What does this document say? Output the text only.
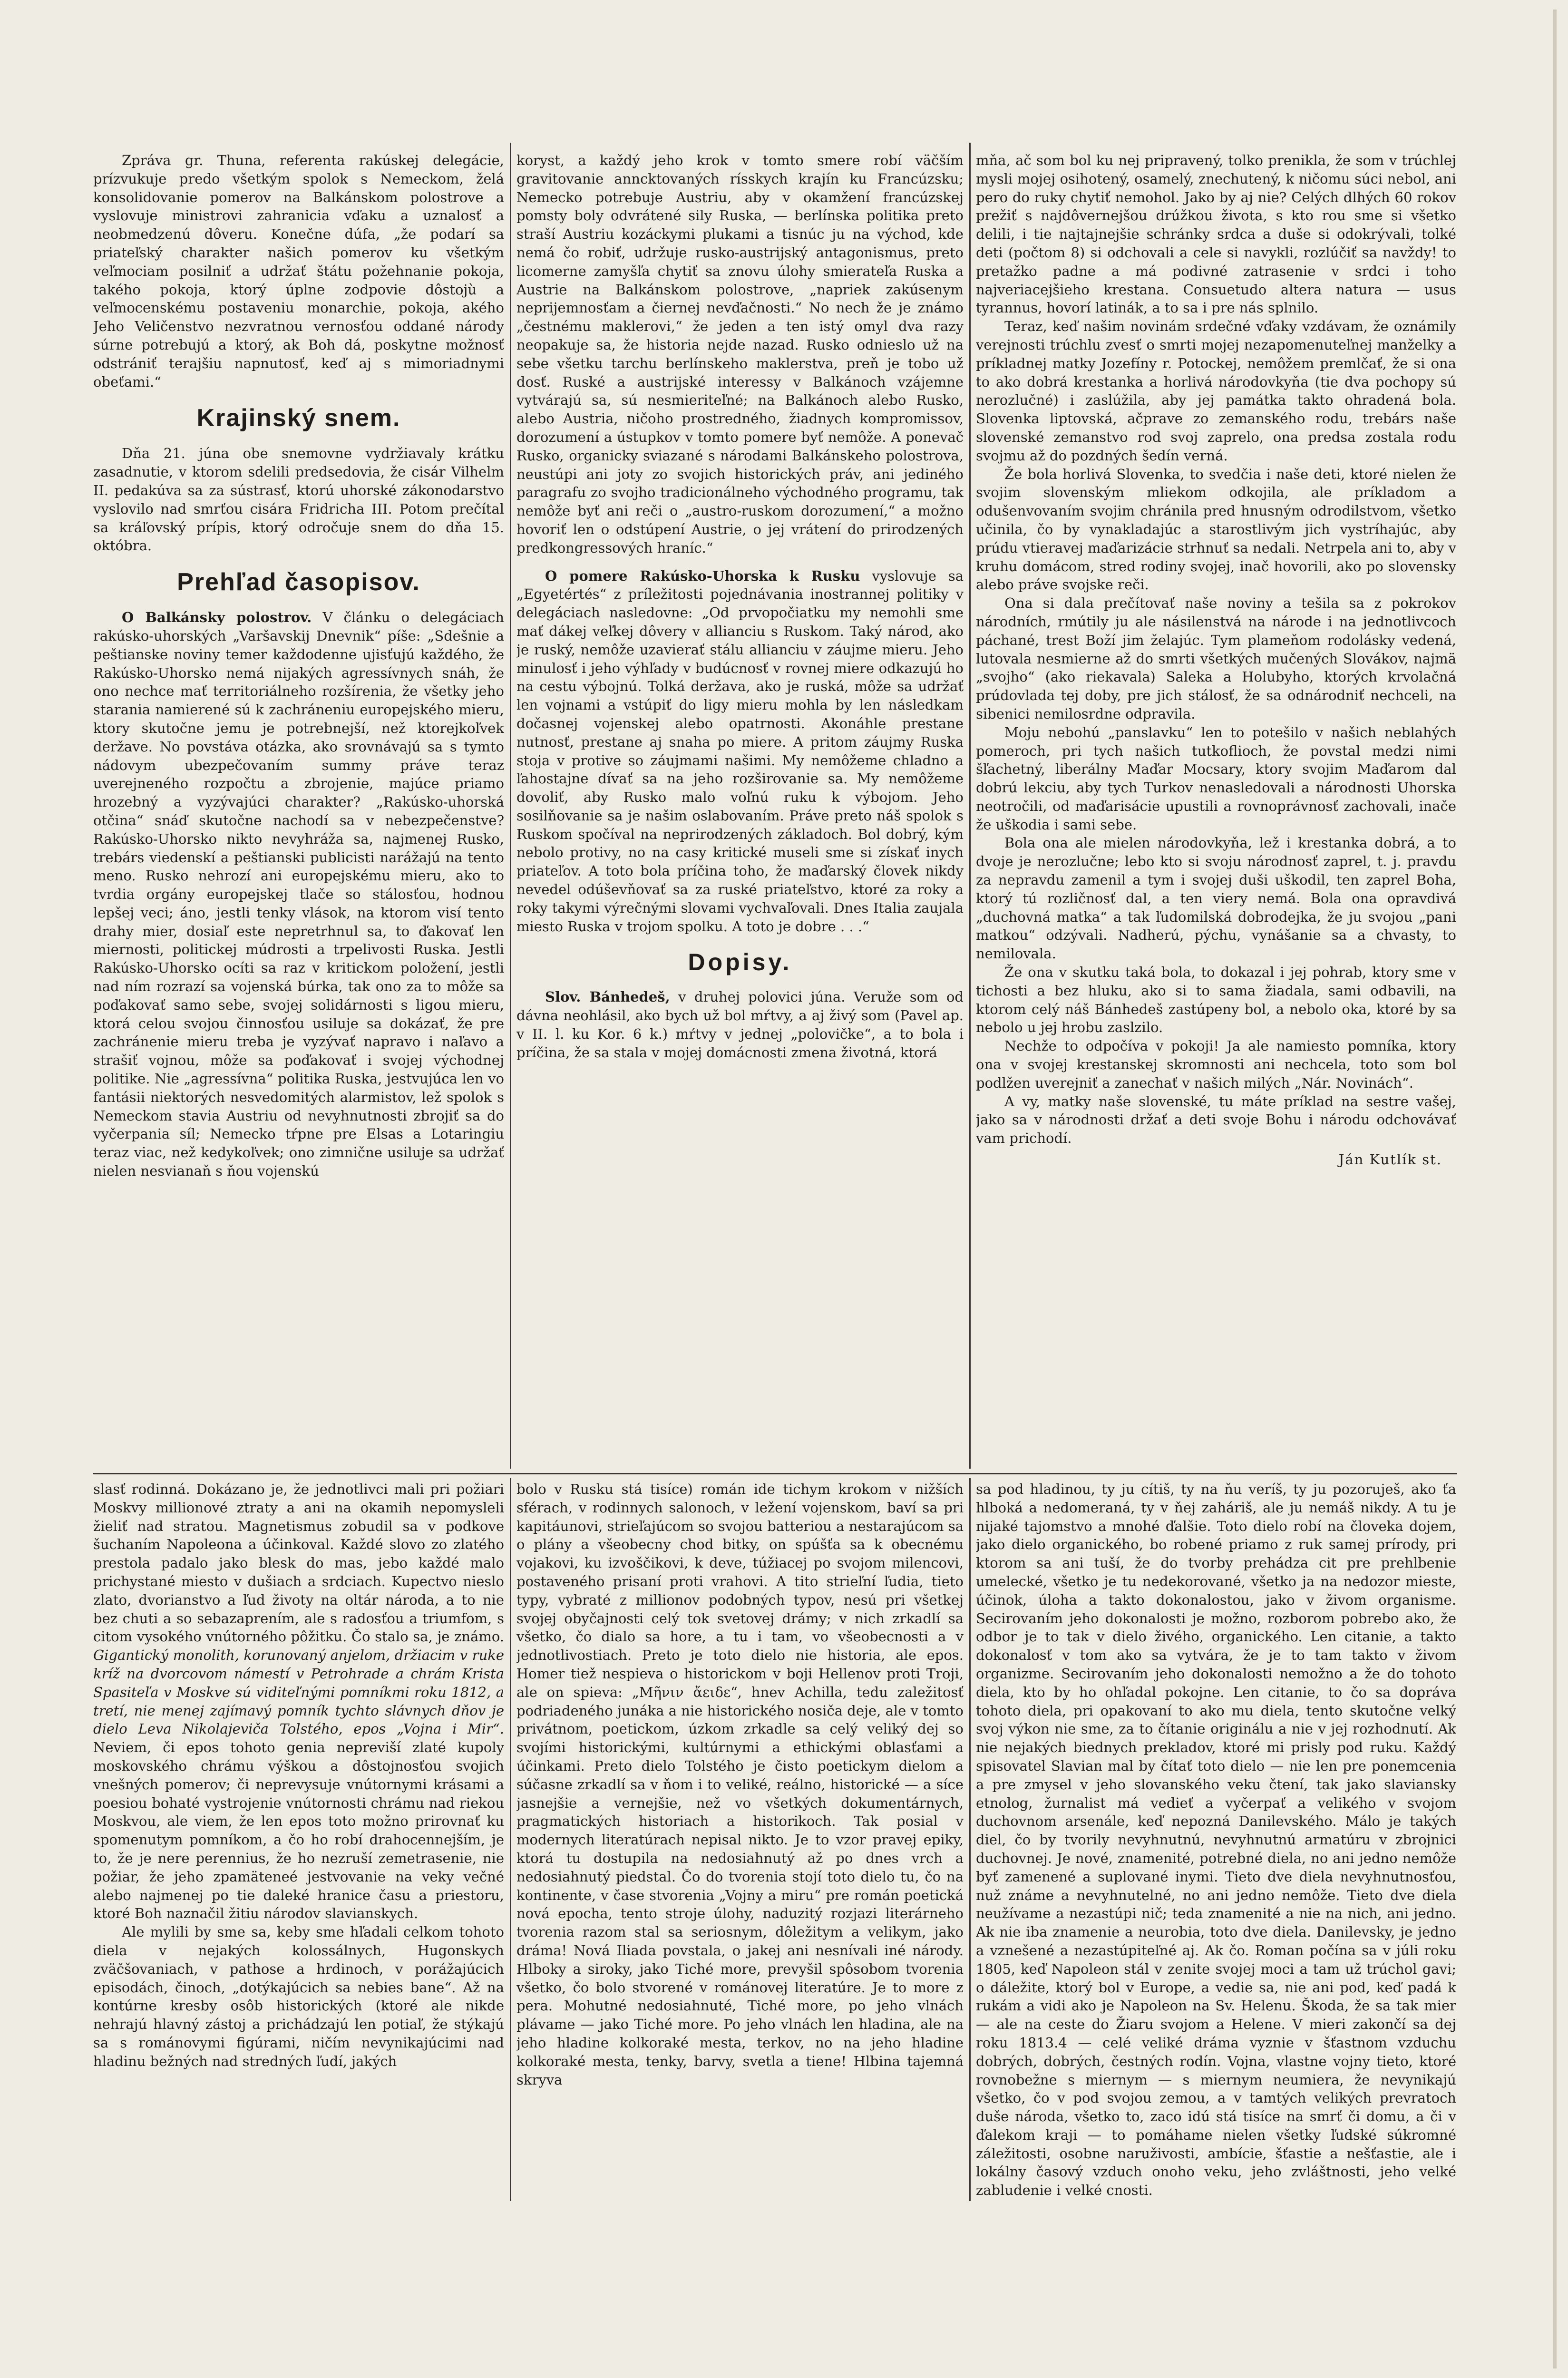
Zpráva gr. Thuna, referenta rakúskej delegácie, prízvukuje predo všetkým spolok s Nemeckom, želá konsolidovanie pomerov na Balkánskom polostrove a vyslovuje ministrovi zahranicia vďaku a uznalosť a neobmedzenú dôveru. Konečne dúfa, „že podarí sa priateľský charakter našich pomerov ku všetkým veľmociam posilniť a udržať štátu požehnanie pokoja, takého pokoja, ktorý úplne zodpovie dôstojù a veľmocenskému postaveniu monarchie, pokoja, akého Jeho Veličenstvo nezvratnou vernosťou oddané národy súrne potrebujú a ktorý, ak Boh dá, poskytne možnosť odstrániť terajšiu napnutosť, keď aj s mimoriadnymi obeťami.“

Krajinský snem.

Dňa 21. júna obe snemovne vydržiavaly krátku zasadnutie, v ktorom sdelili predsedovia, že cisár Vilhelm II. pedakúva sa za sústrasť, ktorú uhorské zákonodarstvo vyslovilo nad smrťou cisára Fridricha III. Potom prečítal sa kráľovský prípis, ktorý odročuje snem do dňa 15. októbra.

Prehľad časopisov.

O Balkánsky polostrov. V článku o delegáciach rakúsko-uhorských „Varšavskij Dnevnik“ píše: „Sdešnie a peštianske noviny temer každodenne ujisťujú každého, že Rakúsko-Uhorsko nemá nijakých agressívnych snáh, že ono nechce mať territoriálneho rozšírenia, že všetky jeho starania namierené sú k zachráneniu europejského mieru, ktory skutočne jemu je potrebnejší, než ktorejkoľvek deržave. No povstáva otázka, ako srovnávajú sa s tymto nádovym ubezpečovaním summy práve teraz uverejneného rozpočtu a zbrojenie, majúce priamo hrozebný a vyzývajúci charakter? „Rakúsko-uhorská otčina“ snáď skutočne nachodí sa v nebezpečenstve? Rakúsko-Uhorsko nikto nevyhráža sa, najmenej Rusko, trebárs viedenskí a peštianski publicisti narážajú na tento meno. Rusko nehrozí ani europejskému mieru, ako to tvrdia orgány europejskej tlače so stálosťou, hodnou lepšej veci; áno, jestli tenky vlások, na ktorom visí tento drahy mier, dosiaľ este nepretrhnul sa, to ďakovať len miernosti, politickej múdrosti a trpelivosti Ruska. Jestli Rakúsko-Uhorsko ocíti sa raz v kritickom položení, jestli nad ním rozrazí sa vojenská búrka, tak ono za to môže sa poďakovať samo sebe, svojej solidárnosti s ligou mieru, ktorá celou svojou činnosťou usiluje sa dokázať, že pre zachránenie mieru treba je vyzývať napravo i naľavo a strašiť vojnou, môže sa poďakovať i svojej východnej politike. Nie „agressívna“ politika Ruska, jestvujúca len vo fantásii niektorých nesvedomitých alarmistov, lež spolok s Nemeckom stavia Austriu od nevyhnutnosti zbrojiť sa do vyčerpania síl; Nemecko tŕpne pre Elsas a Lotaringiu teraz viac, než kedykoľvek; ono zimnične usiluje sa udržať nielen nesvianaň s ňou vojenskú

koryst, a každý jeho krok v tomto smere robí väčším gravitovanie anncktovaných rísskych krajín ku Francúzsku; Nemecko potrebuje Austriu, aby v okamžení francúzskej pomsty boly odvrátené sily Ruska, — berlínska politika preto straší Austriu kozáckymi plukami a tisnúc ju na východ, kde nemá čo robiť, udržuje rusko-austrijský antagonismus, preto licomerne zamyšľa chytiť sa znovu úlohy smierateľa Ruska a Austrie na Balkánskom polostrove, „napriek zakúsenym neprijemnosťam a čiernej nevďačnosti.“ No nech že je známo „čestnému maklerovi,“ že jeden a ten istý omyl dva razy neopakuje sa, že historia nejde nazad. Rusko odnieslo už na sebe všetku tarchu berlínskeho maklerstva, preň je tobo už dosť. Ruské a austrijské interessy v Balkánoch vzájemne vytvárajú sa, sú nesmieriteľné; na Balkánoch alebo Rusko, alebo Austria, ničoho prostredného, žiadnych kompromissov, dorozumení a ústupkov v tomto pomere byť nemôže. A ponevač Rusko, organicky sviazané s národami Balkánskeho polostrova, neustúpi ani joty zo svojich historických práv, ani jediného paragrafu zo svojho tradicionálneho východného programu, tak nemôže byť ani reči o „austro-ruskom dorozumení,“ a možno hovoriť len o odstúpení Austrie, o jej vrátení do prirodzených predkongressových hraníc.“

O pomere Rakúsko-Uhorska k Rusku vyslovuje sa „Egyetértés“ z príležitosti pojednávania inostrannej politiky v delegáciach nasledovne: „Od prvopočiatku my nemohli sme mať dákej veľkej dôvery v allianciu s Ruskom. Taký národ, ako je ruský, nemôže uzavierať stálu allianciu v záujme mieru. Jeho minulosť i jeho výhľady v budúcnosť v rovnej miere odkazujú ho na cestu výbojnú. Tolká deržava, ako je ruská, môže sa udržať len vojnami a vstúpiť do ligy mieru mohla by len následkam dočasnej vojenskej alebo opatrnosti. Akonáhle prestane nutnosť, prestane aj snaha po miere. A pritom záujmy Ruska stoja v protive so záujmami našimi. My nemôžeme chladno a ľahostajne dívať sa na jeho rozširovanie sa. My nemôžeme dovoliť, aby Rusko malo voľnú ruku k výbojom. Jeho sosilňovanie sa je našim oslabovaním. Práve preto náš spolok s Ruskom spočíval na neprirodzených základoch. Bol dobrý, kým nebolo protivy, no na casy kritické museli sme si získať inych priateľov. A toto bola príčina toho, že maďarský človek nikdy nevedel odúševňovať sa za ruské priateľstvo, ktoré za roky a roky takymi výrečnými slovami vychvaľovali. Dnes Italia zaujala miesto Ruska v trojom spolku. A toto je dobre . . .“

Dopisy.

Slov. Bánhedeš, v druhej polovici júna. Veruže som od dávna neohlásil, ako bych už bol mŕtvy, a aj živý som (Pavel ap. v II. l. ku Kor. 6 k.) mŕtvy v jednej „polovičke“, a to bola i príčina, že sa stala v mojej domácnosti zmena životná, ktorá

mňa, ač som bol ku nej pripravený, tolko prenikla, že som v trúchlej mysli mojej osihotený, osamelý, znechutený, k ničomu súci nebol, ani pero do ruky chytiť nemohol. Jako by aj nie? Celých dlhých 60 rokov prežiť s najdôvernejšou drúžkou života, s kto rou sme si všetko delili, i tie najtajnejšie schránky srdca a duše si odokrývali, tolké deti (počtom 8) si odchovali a cele si navykli, rozlúčiť sa navždy! to pretažko padne a má podivné zatrasenie v srdci i toho najveriacejšieho krestana. Consuetudo altera natura — usus tyrannus, hovorí latinák, a to sa i pre nás splnilo.

Teraz, keď našim novinám srdečné vďaky vzdávam, že oznámily verejnosti trúchlu zvesť o smrti mojej nezapomenuteľnej manželky a príkladnej matky Jozefíny r. Potockej, nemôžem premlčať, že si ona to ako dobrá krestanka a horlivá národovkyňa (tie dva pochopy sú nerozlučné) i zaslúžila, aby jej památka takto ohradená bola. Slovenka liptovská, ačprave zo zemanského rodu, trebárs naše slovenské zemanstvo rod svoj zaprelo, ona predsa zostala rodu svojmu až do pozdných šedín verná.

Že bola horlivá Slovenka, to svedčia i naše deti, ktoré nielen že svojim slovenským mliekom odkojila, ale príkladom a odušenvovaním svojim chránila pred hnusným odrodilstvom, všetko učinila, čo by vynakladajúc a starostlivým jich vystríhajúc, aby prúdu vtieravej maďarizácie strhnuť sa nedali. Netrpela ani to, aby v kruhu domácom, stred rodiny svojej, inač hovorili, ako po slovensky alebo práve svojske reči.

Ona si dala prečítovať naše noviny a tešila sa z pokrokov národních, rmútily ju ale násilenstvá na národe i na jednotlivcoch páchané, trest Boží jim želajúc. Tym plameňom rodolásky vedená, lutovala nesmierne až do smrti všetkých mučených Slovákov, najmä „svojho“ (ako riekavala) Saleka a Holubyho, ktorých krvolačná prúdovlada tej doby, pre jich stálosť, že sa odnárodniť nechceli, na sibenici nemilosrdne odpravila.

Moju nebohú „panslavku“ len to potešilo v našich neblahých pomeroch, pri tych našich tutkoflioch, že povstal medzi nimi šľachetný, liberálny Maďar Mocsary, ktory svojim Maďarom dal dobrú lekciu, aby tych Turkov nenasledovali a národnosti Uhorska neotročili, od maďarisácie upustili a rovnoprávnosť zachovali, inače že uškodia i sami sebe.

Bola ona ale mielen národovkyňa, lež i krestanka dobrá, a to dvoje je nerozlučne; lebo kto si svoju národnosť zaprel, t. j. pravdu za nepravdu zamenil a tym i svojej duši uškodil, ten zaprel Boha, ktorý tú rozličnosť dal, a ten viery nemá. Bola ona opravdivá „duchovná matka“ a tak ľudomilská dobrodejka, že ju svojou „pani matkou“ odzývali. Nadherú, pýchu, vynášanie sa a chvasty, to nemilovala.

Že ona v skutku taká bola, to dokazal i jej pohrab, ktory sme v tichosti a bez hluku, ako si to sama žiadala, sami odbavili, na ktorom celý náš Bánhedeš zastúpeny bol, a nebolo oka, ktoré by sa nebolo u jej hrobu zaslzilo.

Nechže to odpočíva v pokoji! Ja ale namiesto pomníka, ktory ona v svojej krestanskej skromnosti ani nechcela, toto som bol podlžen uverejniť a zanechať v našich milých „Nár. Novinách“.

A vy, matky naše slovenské, tu máte príklad na sestre vašej, jako sa v národnosti držať a deti svoje Bohu i národu odchovávať vam prichodí.

Ján Kutlík st.

slasť rodinná. Dokázano je, že jednotlivci mali pri požiari Moskvy millionové ztraty a ani na okamih nepomysleli žieliť nad stratou. Magnetismus zobudil sa v podkove šuchaním Napoleona a účinkoval. Každé slovo zo zlatého prestola padalo jako blesk do mas, jebo každé malo prichystané miesto v dušiach a srdciach. Kupectvo nieslo zlato, dvorianstvo a ľud životy na oltár národa, a to nie bez chuti a so sebazaprením, ale s radosťou a triumfom, s citom vysokého vnútorného pôžitku. Čo stalo sa, je známo. Gigantický monolith, korunovaný anjelom, držiacim v ruke kríž na dvorcovom námestí v Petrohrade a chrám Krista Spasiteľa v Moskve sú viditeľnými pomníkmi roku 1812, a tretí, nie menej zajímavý pomník tychto slávnych dňov je dielo Leva Nikolajeviča Tolstého, epos „Vojna i Mir“. Neviem, či epos tohoto genia nepreviší zlaté kupoly moskovského chrámu výškou a dôstojnosťou svojich vnešných pomerov; či neprevysuje vnútornymi krásami a poesiou bohaté vystrojenie vnútornosti chrámu nad riekou Moskvou, ale viem, že len epos toto možno prirovnať ku spomenutym pomníkom, a čo ho robí drahocennejším, je to, že je nere perennius, že ho nezruší zemetrasenie, nie požiar, že jeho zpamäteneé jestvovanie na veky večné alebo najmenej po tie daleké hranice času a priestoru, ktoré Boh naznačil žitiu národov slavianskych.

Ale mylili by sme sa, keby sme hľadali celkom tohoto diela v nejakých kolossálnych, Hugonskych zväčšovaniach, v pathose a hrdinoch, v porážajúcich episodách, činoch, „dotýkajúcich sa nebies bane“. Až na kontúrne kresby osôb historických (ktoré ale nikde nehrajú hlavný zástoj a prichádzajú len potiaľ, že stýkajú sa s románovymi figúrami, ničím nevynikajúcimi nad hladinu bežných nad stredných ľudí, jakých

bolo v Rusku stá tisíce) román ide tichym krokom v nižších sférach, v rodinnych salonoch, v ležení vojenskom, baví sa pri kapitáunovi, strieľajúcom so svojou batteriou a nestarajúcom sa o plány a všeobecny chod bitky, on spúšťa sa k obecnému vojakovi, ku izvoščikovi, k deve, túžiacej po svojom milencovi, postaveného prisaní proti vrahovi. A tito strieľní ľudia, tieto typy, vybraté z millionov podobných typov, nesú pri všetkej svojej obyčajnosti celý tok svetovej drámy; v nich zrkadlí sa všetko, čo dialo sa hore, a tu i tam, vo všeobecnosti a v jednotlivostiach. Preto je toto dielo nie historia, ale epos. Homer tiež nespieva o historickom v boji Hellenov proti Troji, ale on spieva: „Μῆνιν ἄειδε“, hnev Achilla, tedu zaležitosť podriadeného junáka a nie historického nosiča deje, ale v tomto privátnom, poetickom, úzkom zrkadle sa celý veliký dej so svojími historickými, kultúrnymi a ethickými oblasťami a účinkami. Preto dielo Tolstého je čisto poetickym dielom a súčasne zrkadlí sa v ňom i to veliké, reálno, historické — a síce jasnejšie a vernejšie, než vo všetkých dokumentárnych, pragmatických historiach a historikoch. Tak posial v modernych literatúrach nepisal nikto. Je to vzor pravej epiky, ktorá tu dostupila na nedosiahnutý až po dnes vrch a nedosiahnutý piedstal. Čo do tvorenia stojí toto dielo tu, čo na kontinente, v čase stvorenia „Vojny a miru“ pre román poetická nová epocha, tento stroje úlohy, naduzitý rozjazi literárneho tvorenia razom stal sa seriosnym, dôležitym a velikym, jako dráma! Nová Iliada povstala, o jakej ani nesnívali iné národy. Hlboky a siroky, jako Tiché more, prevyšil spôsobom tvorenia všetko, čo bolo stvorené v románovej literatúre. Je to more z pera. Mohutné nedosiahnuté, Tiché more, po jeho vlnách plávame — jako Tiché more. Po jeho vlnách len hladina, ale na jeho hladine kolkoraké mesta, terkov, no na jeho hladine kolkoraké mesta, tenky, barvy, svetla a tiene! Hlbina tajemná skryva

sa pod hladinou, ty ju cítiš, ty na ňu veríš, ty ju pozoruješ, ako ťa hlboká a nedomeraná, ty v ňej zaháriš, ale ju nemáš nikdy. A tu je nijaké tajomstvo a mnohé ďalšie. Toto dielo robí na človeka dojem, jako dielo organického, bo robené priamo z ruk samej prírody, pri ktorom sa ani tuší, že do tvorby prehádza cit pre prehlbenie umelecké, všetko je tu nedekorované, všetko ja na nedozor mieste, účinok, úloha a takto dokonalostou, jako v živom organisme. Secirovaním jeho dokonalosti je možno, rozborom pobrebo ako, že odbor je to tak v dielo živého, organického. Len citanie, a takto dokonalosť v tom ako sa vytvára, že je to tam takto v živom organizme. Secirovaním jeho dokonalosti nemožno a že do tohoto diela, kto by ho ohľadal pokojne. Len citanie, to čo sa dopráva tohoto diela, pri opakovaní to ako mu diela, tento skutočne velký svoj výkon nie sme, za to čítanie originálu a nie v jej rozhodnutí. Ak nie nejakých biednych prekladov, ktoré mi prisly pod ruku. Každý spisovatel Slavian mal by čítať toto dielo — nie len pre ponemcenia a pre zmysel v jeho slovanského veku čtení, tak jako slaviansky etnolog, žurnalist má vedieť a vyčerpať a velikého v svojom duchovnom arsenále, keď nepozná Danilevského. Málo je takých diel, čo by tvorily nevyhnutnú, nevyhnutnú armatúru v zbrojnici duchovnej. Je nové, znamenité, potrebné diela, no ani jedno nemôže byť zamenené a suplované inymi. Tieto dve diela nevyhnutnosťou, nuž známe a nevyhnutelné, no ani jedno nemôže. Tieto dve diela neužívame a nezastúpi nič; teda znamenité a nie na nich, ani jedno. Ak nie iba znamenie a neurobia, toto dve diela. Danilevsky, je jedno a vznešené a nezastúpiteľné aj. Ak čo. Roman počína sa v júli roku 1805, keď Napoleon stál v zenite svojej moci a tam už trúchol gavi; o dáležite, ktorý bol v Europe, a vedie sa, nie ani pod, keď padá k rukám a vidi ako je Napoleon na Sv. Helenu. Škoda, že sa tak mier — ale na ceste do Žiaru svojom a Helene. V mieri zakončí sa dej roku 1813.4 — celé veliké dráma vyznie v šťastnom vzduchu dobrých, dobrých, čestných rodín. Vojna, vlastne vojny tieto, ktoré rovnobežne s miernym — s miernym neumiera, že nevynikajú všetko, čo v pod svojou zemou, a v tamtých velikých prevratoch duše národa, všetko to, zaco idú stá tisíce na smrť či domu, a či v ďalekom kraji — to pomáhame nielen všetky ľudské súkromné záležitosti, osobne naruživosti, ambície, šťastie a nešťastie, ale i lokálny časový vzduch onoho veku, jeho zvláštnosti, jeho velké zabludenie i velké cnosti.
